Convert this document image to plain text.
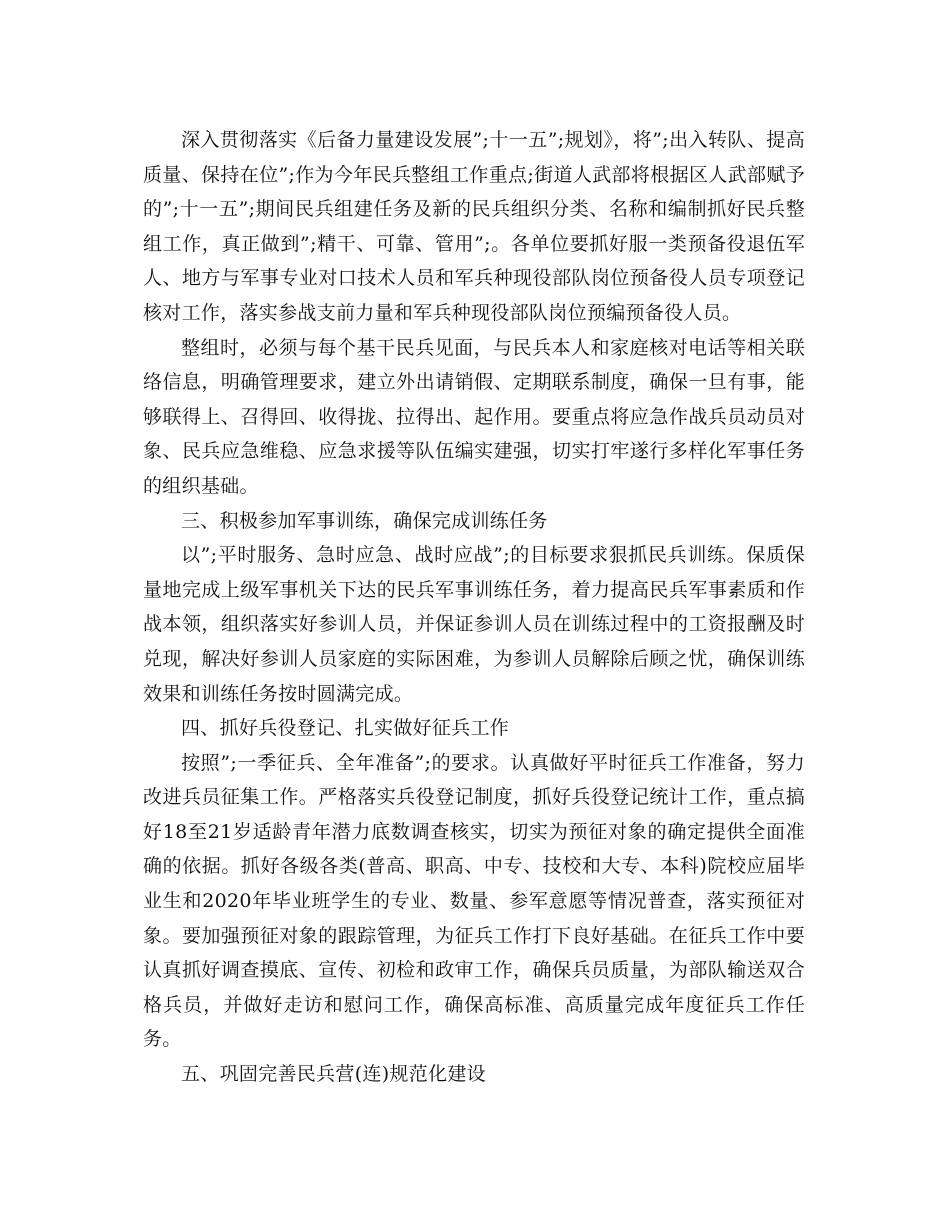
深入贯彻落实《后备力量建设发展”;十一五”;规划》，将”;出入转队、提高质量、保持在位”;作为今年民兵整组工作重点;街道人武部将根据区人武部赋予的”;十一五”;期间民兵组建任务及新的民兵组织分类、名称和编制抓好民兵整组工作，真正做到”;精干、可靠、管用”;。各单位要抓好服一类预备役退伍军人、地方与军事专业对口技术人员和军兵种现役部队岗位预备役人员专项登记核对工作，落实参战支前力量和军兵种现役部队岗位预编预备役人员。

整组时，必须与每个基干民兵见面，与民兵本人和家庭核对电话等相关联络信息，明确管理要求，建立外出请销假、定期联系制度，确保一旦有事，能够联得上、召得回、收得拢、拉得出、起作用。要重点将应急作战兵员动员对象、民兵应急维稳、应急求援等队伍编实建强，切实打牢遂行多样化军事任务的组织基础。

三、积极参加军事训练，确保完成训练任务

以”;平时服务、急时应急、战时应战”;的目标要求狠抓民兵训练。保质保量地完成上级军事机关下达的民兵军事训练任务，着力提高民兵军事素质和作战本领，组织落实好参训人员，并保证参训人员在训练过程中的工资报酬及时兑现，解决好参训人员家庭的实际困难，为参训人员解除后顾之忧，确保训练效果和训练任务按时圆满完成。

四、抓好兵役登记、扎实做好征兵工作

按照”;一季征兵、全年准备”;的要求。认真做好平时征兵工作准备，努力改进兵员征集工作。严格落实兵役登记制度，抓好兵役登记统计工作，重点搞好18至21岁适龄青年潜力底数调查核实，切实为预征对象的确定提供全面准确的依据。抓好各级各类(普高、职高、中专、技校和大专、本科)院校应届毕业生和2020年毕业班学生的专业、数量、参军意愿等情况普查，落实预征对象。要加强预征对象的跟踪管理，为征兵工作打下良好基础。在征兵工作中要认真抓好调查摸底、宣传、初检和政审工作，确保兵员质量，为部队输送双合格兵员，并做好走访和慰问工作，确保高标准、高质量完成年度征兵工作任务。

五、巩固完善民兵营(连)规范化建设
